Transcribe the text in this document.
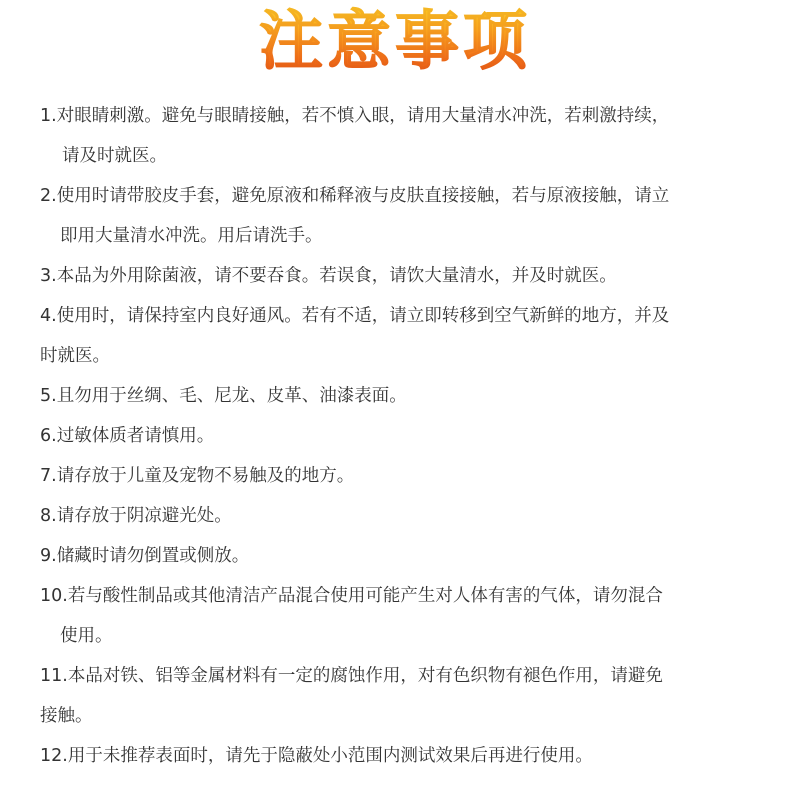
注意事项
1.对眼睛刺激。避免与眼睛接触，若不慎入眼，请用大量清水冲洗，若刺激持续，
请及时就医。
2.使用时请带胶皮手套，避免原液和稀释液与皮肤直接接触，若与原液接触，请立
即用大量清水冲洗。用后请洗手。
3.本品为外用除菌液，请不要吞食。若误食，请饮大量清水，并及时就医。
4.使用时，请保持室内良好通风。若有不适，请立即转移到空气新鲜的地方，并及
时就医。
5.且勿用于丝绸、毛、尼龙、皮革、油漆表面。
6.过敏体质者请慎用。
7.请存放于儿童及宠物不易触及的地方。
8.请存放于阴凉避光处。
9.储藏时请勿倒置或侧放。
10.若与酸性制品或其他清洁产品混合使用可能产生对人体有害的气体，请勿混合
使用。
11.本品对铁、铝等金属材料有一定的腐蚀作用，对有色织物有褪色作用，请避免
接触。
12.用于未推荐表面时，请先于隐蔽处小范围内测试效果后再进行使用。
